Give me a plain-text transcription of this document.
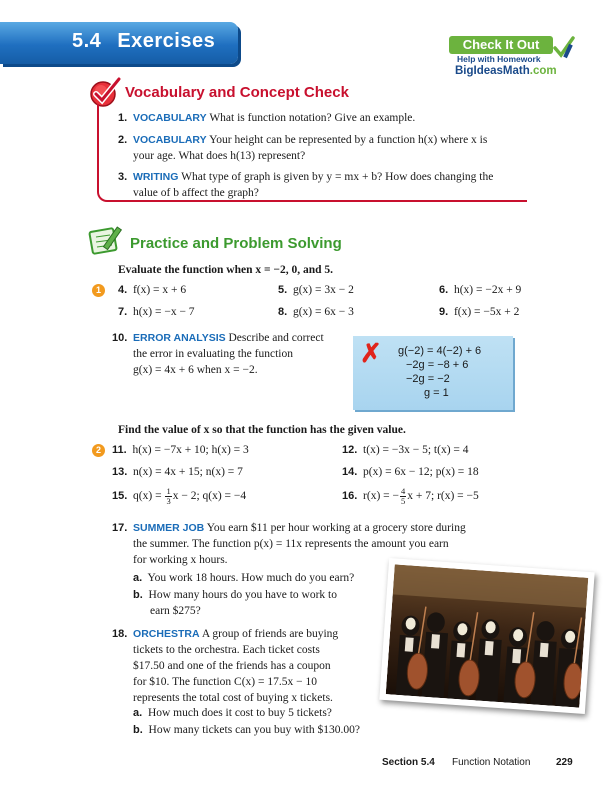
5.4 Exercises	Check It Out
Help with Homework
BigIdeasMath.com
Vocabulary and Concept Check
1. VOCABULARY What is function notation? Give an example.
2. VOCABULARY Your height can be represented by a function h(x) where x is
your age. What does h(13) represent?
3. WRITING What type of graph is given by y = mx + b? How does changing the
value of b affect the graph?
Practice and Problem Solving
Evaluate the function when x = −2, 0, and 5.
1	4. f(x) = x + 6	5. g(x) = 3x − 2	6. h(x) = −2x + 9
7. h(x) = −x − 7	8. g(x) = 6x − 3	9. f(x) = −5x + 2
10. ERROR ANALYSIS Describe and correct
the error in evaluating the function
g(x) = 4x + 6 when x = −2.
✗ g(−2) = 4(−2) + 6
−2g = −8 + 6
−2g = −2
g = 1
Find the value of x so that the function has the given value.
2	11. h(x) = −7x + 10; h(x) = 3	12. t(x) = −3x − 5; t(x) = 4
13. n(x) = 4x + 15; n(x) = 7	14. p(x) = 6x − 12; p(x) = 18
15. $q(x) = \frac{1}{3}$ x − 2; q(x) = −4	16. r(x) = − $\frac{4}{5}$ x + 7; r(x) = −5
17. SUMMER JOB You earn $11 per hour working at a grocery store during
the summer. The function p(x) = 11x represents the amount you earn
for working x hours.
a. You work 18 hours. How much do you earn?
b. How many hours do you have to work to
earn $275?
18. ORCHESTRA A group of friends are buying
tickets to the orchestra. Each ticket costs
$17.50 and one of the friends has a coupon
for $10. The function C(x) = 17.5x − 10
represents the total cost of buying x tickets.
a. How much does it cost to buy 5 tickets?
b. How many tickets can you buy with $130.00?
Section 5.4 Function Notation	229
